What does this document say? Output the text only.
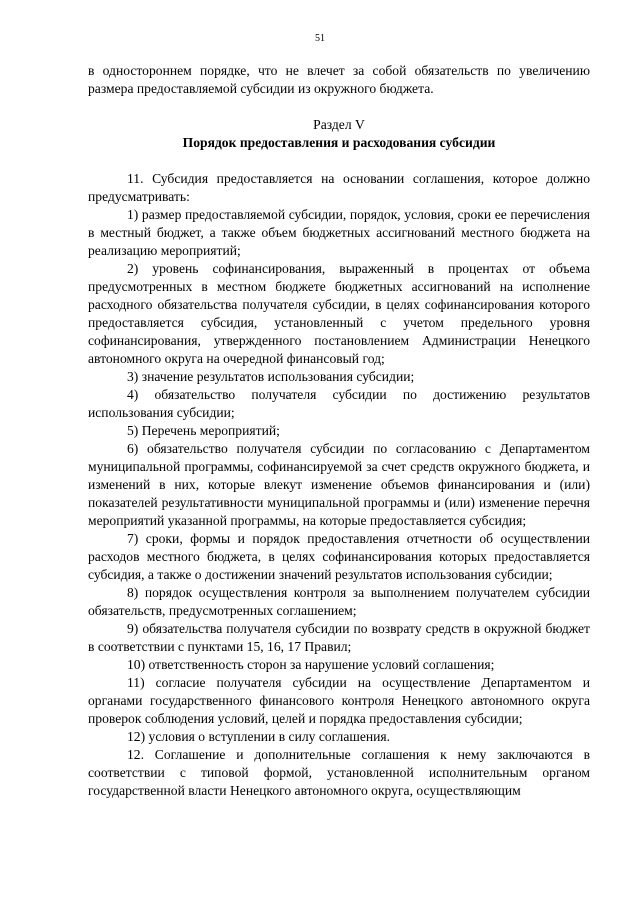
51

в одностороннем порядке, что не влечет за собой обязательств по увеличению размера предоставляемой субсидии из окружного бюджета.

Раздел V

Порядок предоставления и расходования субсидии

11. Субсидия предоставляется на основании соглашения, которое должно предусматривать:

1) размер предоставляемой субсидии, порядок, условия, сроки ее перечисления в местный бюджет, а также объем бюджетных ассигнований местного бюджета на реализацию мероприятий;

2) уровень софинансирования, выраженный в процентах от объема предусмотренных в местном бюджете бюджетных ассигнований на исполнение расходного обязательства получателя субсидии, в целях софинансирования которого предоставляется субсидия, установленный с учетом предельного уровня софинансирования, утвержденного постановлением Администрации Ненецкого автономного округа на очередной финансовый год;

3) значение результатов использования субсидии;

4) обязательство получателя субсидии по достижению результатов использования субсидии;

5) Перечень мероприятий;

6) обязательство получателя субсидии по согласованию с Департаментом муниципальной программы, софинансируемой за счет средств окружного бюджета, и изменений в них, которые влекут изменение объемов финансирования и (или) показателей результативности муниципальной программы и (или) изменение перечня мероприятий указанной программы, на которые предоставляется субсидия;

7) сроки, формы и порядок предоставления отчетности об осуществлении расходов местного бюджета, в целях софинансирования которых предоставляется субсидия, а также о достижении значений результатов использования субсидии;

8) порядок осуществления контроля за выполнением получателем субсидии обязательств, предусмотренных соглашением;

9) обязательства получателя субсидии по возврату средств в окружной бюджет в соответствии с пунктами 15, 16, 17 Правил;

10) ответственность сторон за нарушение условий соглашения;

11) согласие получателя субсидии на осуществление Департаментом и органами государственного финансового контроля Ненецкого автономного округа проверок соблюдения условий, целей и порядка предоставления субсидии;

12) условия о вступлении в силу соглашения.

12. Соглашение и дополнительные соглашения к нему заключаются в соответствии с типовой формой, установленной исполнительным органом государственной власти Ненецкого автономного округа, осуществляющим
